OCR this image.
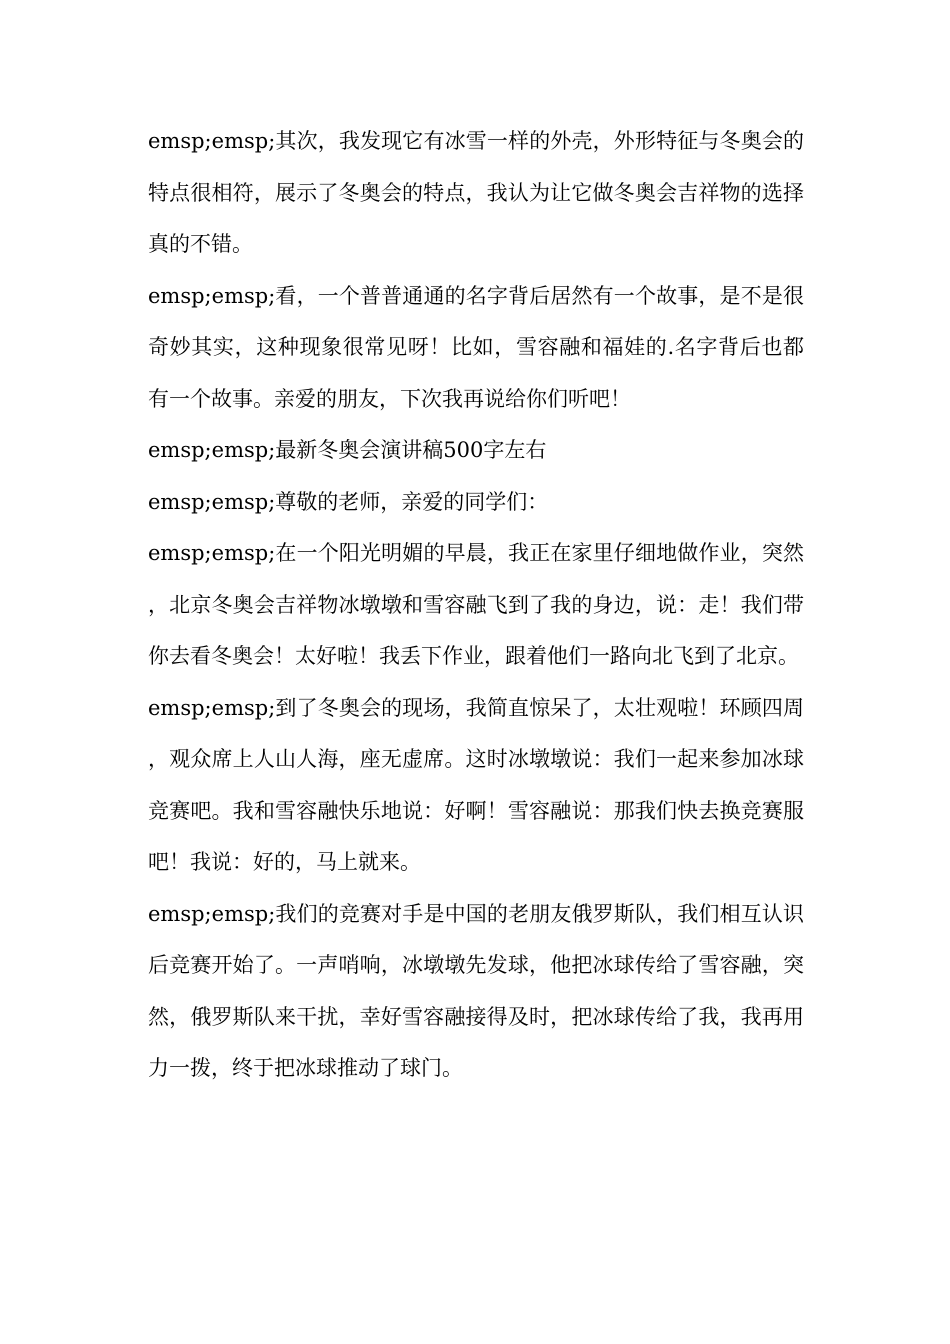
emsp;emsp;其次，我发现它有冰雪一样的外壳，外形特征与冬奥会的特点很相符，展示了冬奥会的特点，我认为让它做冬奥会吉祥物的选择真的不错。

emsp;emsp;看，一个普普通通的名字背后居然有一个故事，是不是很奇妙其实，这种现象很常见呀！比如，雪容融和福娃的.名字背后也都有一个故事。亲爱的朋友，下次我再说给你们听吧！

emsp;emsp;最新冬奥会演讲稿500字左右

emsp;emsp;尊敬的老师，亲爱的同学们：

emsp;emsp;在一个阳光明媚的早晨，我正在家里仔细地做作业，突然，北京冬奥会吉祥物冰墩墩和雪容融飞到了我的身边，说：走！我们带你去看冬奥会！太好啦！我丢下作业，跟着他们一路向北飞到了北京。

emsp;emsp;到了冬奥会的现场，我简直惊呆了，太壮观啦！环顾四周，观众席上人山人海，座无虚席。这时冰墩墩说：我们一起来参加冰球竞赛吧。我和雪容融快乐地说：好啊！雪容融说：那我们快去换竞赛服吧！我说：好的，马上就来。

emsp;emsp;我们的竞赛对手是中国的老朋友俄罗斯队，我们相互认识后竞赛开始了。一声哨响，冰墩墩先发球，他把冰球传给了雪容融，突然，俄罗斯队来干扰，幸好雪容融接得及时，把冰球传给了我，我再用力一拨，终于把冰球推动了球门。
